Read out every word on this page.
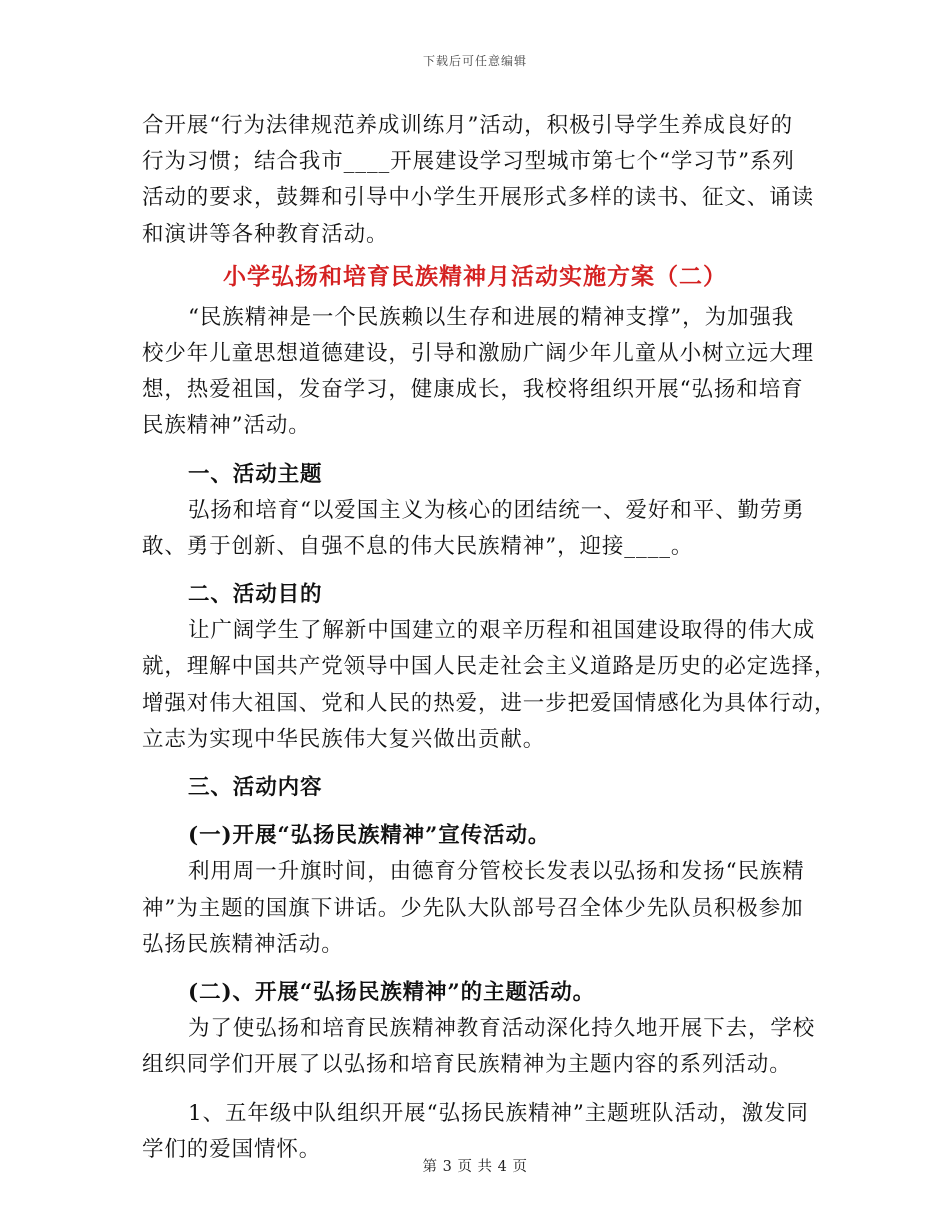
下载后可任意编辑
合开展“行为法律规范养成训练月”活动，积极引导学生养成良好的
行为习惯；结合我市____开展建设学习型城市第七个“学习节”系列
活动的要求，鼓舞和引导中小学生开展形式多样的读书、征文、诵读
和演讲等各种教育活动。
小学弘扬和培育民族精神月活动实施方案（二）
“民族精神是一个民族赖以生存和进展的精神支撑”，为加强我
校少年儿童思想道德建设，引导和激励广阔少年儿童从小树立远大理
想，热爱祖国，发奋学习，健康成长，我校将组织开展“弘扬和培育
民族精神”活动。
一、活动主题
弘扬和培育“以爱国主义为核心的团结统一、爱好和平、勤劳勇
敢、勇于创新、自强不息的伟大民族精神”，迎接____。
二、活动目的
让广阔学生了解新中国建立的艰辛历程和祖国建设取得的伟大成
就，理解中国共产党领导中国人民走社会主义道路是历史的必定选择，
增强对伟大祖国、党和人民的热爱，进一步把爱国情感化为具体行动，
立志为实现中华民族伟大复兴做出贡献。
三、活动内容
(一)开展“弘扬民族精神”宣传活动。
利用周一升旗时间，由德育分管校长发表以弘扬和发扬“民族精
神”为主题的国旗下讲话。少先队大队部号召全体少先队员积极参加
弘扬民族精神活动。
(二)、开展“弘扬民族精神”的主题活动。
为了使弘扬和培育民族精神教育活动深化持久地开展下去，学校
组织同学们开展了以弘扬和培育民族精神为主题内容的系列活动。
1、五年级中队组织开展“弘扬民族精神”主题班队活动，激发同
学们的爱国情怀。
第 3 页 共 4 页
